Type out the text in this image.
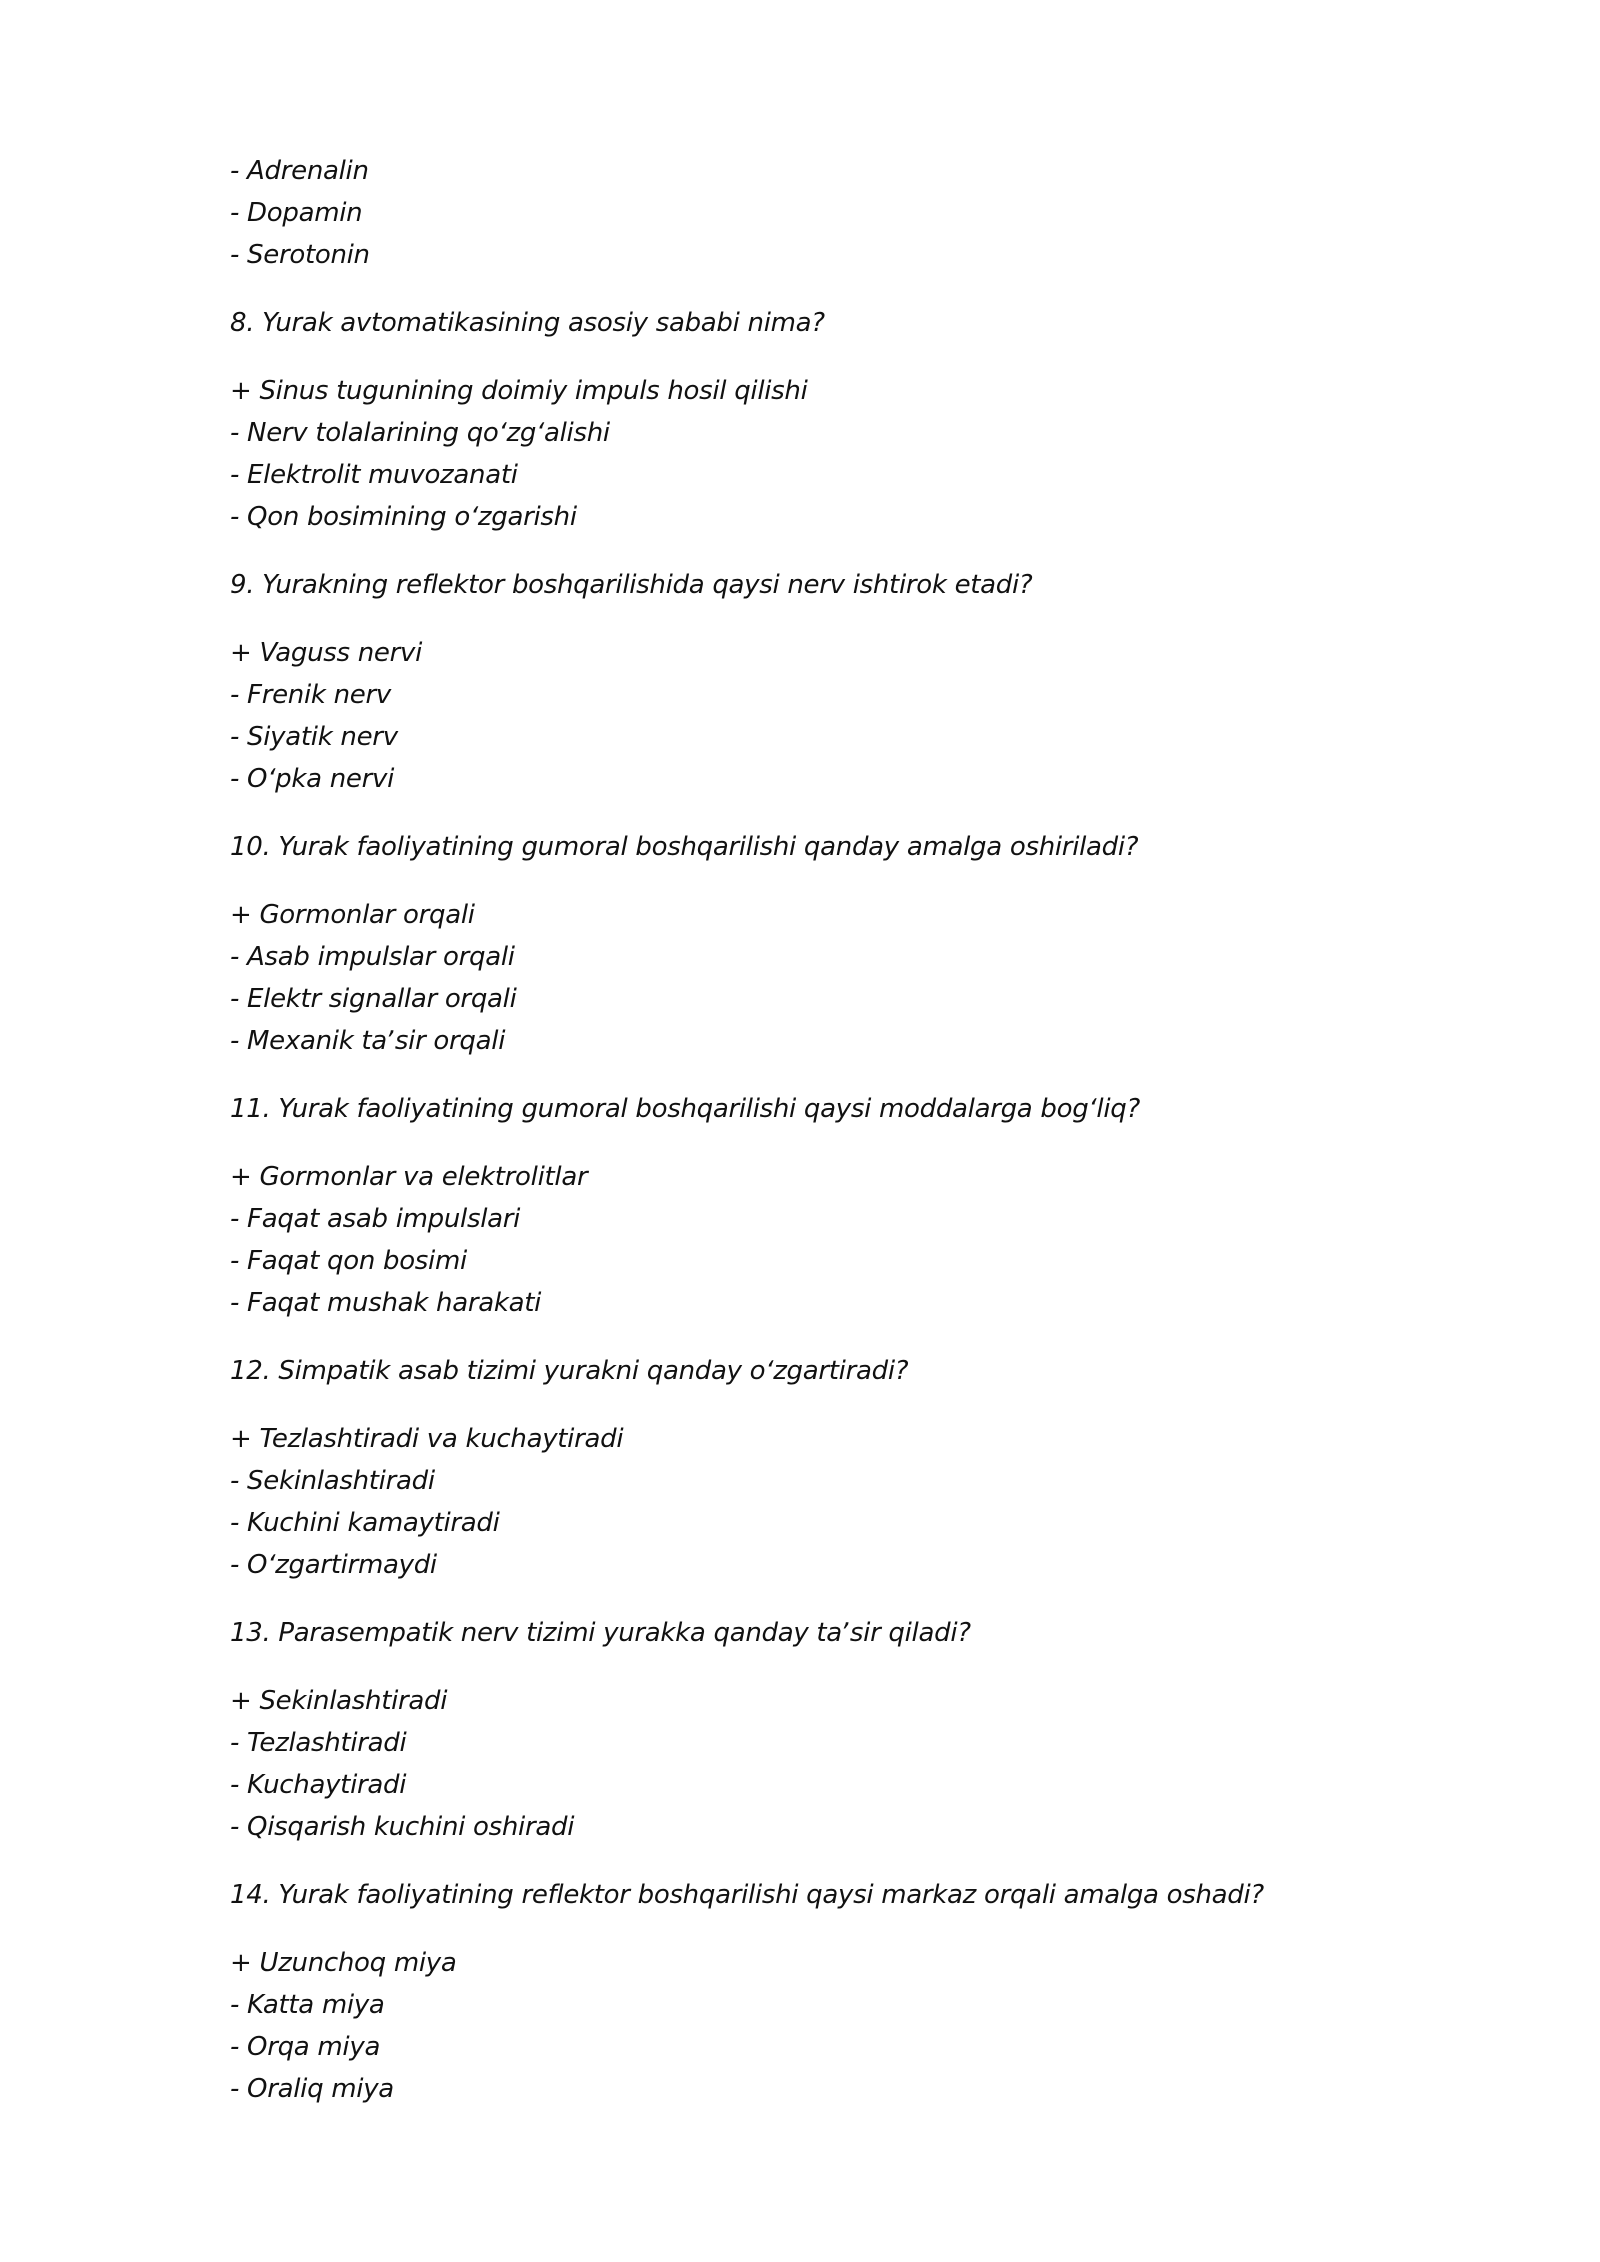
- Adrenalin
- Dopamin
- Serotonin
8. Yurak avtomatikasining asosiy sababi nima?
+ Sinus tugunining doimiy impuls hosil qilishi
- Nerv tolalarining qoʻzgʻalishi
- Elektrolit muvozanati
- Qon bosimining oʻzgarishi
9. Yurakning reflektor boshqarilishida qaysi nerv ishtirok etadi?
+ Vaguss nervi
- Frenik nerv
- Siyatik nerv
- Oʻpka nervi
10. Yurak faoliyatining gumoral boshqarilishi qanday amalga oshiriladi?
+ Gormonlar orqali
- Asab impulslar orqali
- Elektr signallar orqali
- Mexanik taʼsir orqali
11. Yurak faoliyatining gumoral boshqarilishi qaysi moddalarga bogʻliq?
+ Gormonlar va elektrolitlar
- Faqat asab impulslari
- Faqat qon bosimi
- Faqat mushak harakati
12. Simpatik asab tizimi yurakni qanday oʻzgartiradi?
+ Tezlashtiradi va kuchaytiradi
- Sekinlashtiradi
- Kuchini kamaytiradi
- Oʻzgartirmaydi
13. Parasempatik nerv tizimi yurakka qanday taʼsir qiladi?
+ Sekinlashtiradi
- Tezlashtiradi
- Kuchaytiradi
- Qisqarish kuchini oshiradi
14. Yurak faoliyatining reflektor boshqarilishi qaysi markaz orqali amalga oshadi?
+ Uzunchoq miya
- Katta miya
- Orqa miya
- Oraliq miya
